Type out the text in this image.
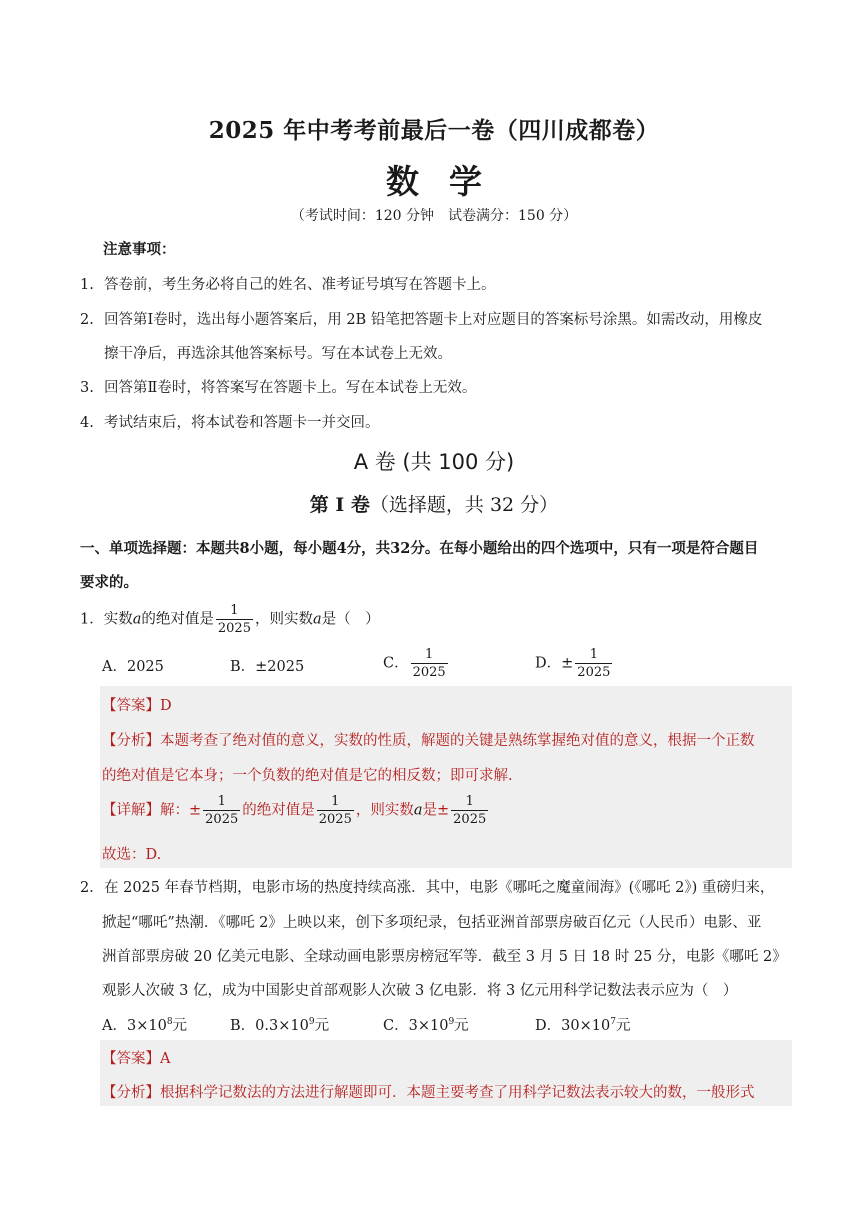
2025 年中考考前最后一卷（四川成都卷）
数学
（考试时间：120 分钟　试卷满分：150 分）
注意事项：
1. 答卷前，考生务必将自己的姓名、准考证号填写在答题卡上。
2. 回答第Ⅰ卷时，选出每小题答案后，用 2B 铅笔把答题卡上对应题目的答案标号涂黑。如需改动，用橡皮
擦干净后，再选涂其他答案标号。写在本试卷上无效。
3. 回答第Ⅱ卷时，将答案写在答题卡上。写在本试卷上无效。
4. 考试结束后，将本试卷和答题卡一并交回。
A 卷 (共 100 分)
第 I 卷（选择题，共 32 分）
一、单项选择题：本题共8小题，每小题4分，共32分。在每小题给出的四个选项中，只有一项是符合题目
要求的。
1．实数a的绝对值是 $\frac{1}{2025}$ ，则实数a是（　）
A．2025	B．±2025	C． $\frac{1}{2025}$	D．± $\frac{1}{2025}$
【答案】D
【分析】本题考查了绝对值的意义，实数的性质，解题的关键是熟练掌握绝对值的意义，根据一个正数
的绝对值是它本身；一个负数的绝对值是它的相反数；即可求解.
【详解】解：± $\frac{1}{2025}$ 的绝对值是 $\frac{1}{2025}$ ，则实数a是± $\frac{1}{2025}$
故选：D.
2．在 2025 年春节档期，电影市场的热度持续高涨．其中，电影《哪吒之魔童闹海》(《哪吒 2》) 重磅归来，
掀起“哪吒”热潮．《哪吒 2》上映以来，创下多项纪录，包括亚洲首部票房破百亿元（人民币）电影、亚
洲首部票房破 20 亿美元电影、全球动画电影票房榜冠军等．截至 3 月 5 日 18 时 25 分，电影《哪吒 2》
观影人次破 3 亿，成为中国影史首部观影人次破 3 亿电影．将 3 亿元用科学记数法表示应为（　）
A．$3\times 10^8$元	B．$0.3\times 10^9$元	C．$3\times 10^9$元	D．$30\times 10^7$元
【答案】A
【分析】根据科学记数法的方法进行解题即可．本题主要考查了用科学记数法表示较大的数，一般形式
